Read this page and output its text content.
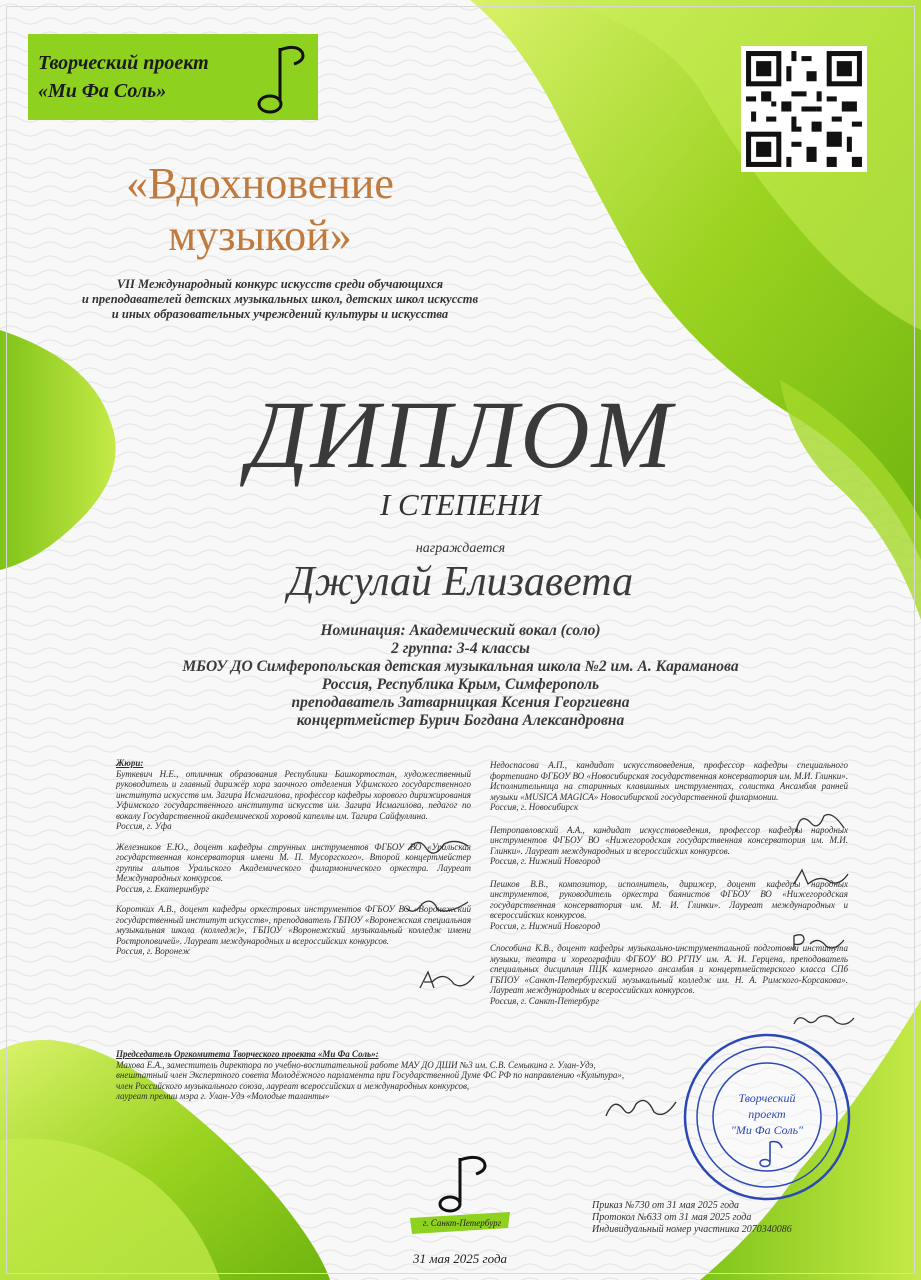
Творческий проект
«Ми Фа Соль»
«Вдохновение
музыкой»
VII Международный конкурс искусств среди обучающихся
и преподавателей детских музыкальных школ, детских школ искусств
и иных образовательных учреждений культуры и искусства
ДИПЛОМ
I СТЕПЕНИ
награждается
Джулай Елизавета
Номинация: Академический вокал (соло)
2 группа: 3-4 классы
МБОУ ДО Симферопольская детская музыкальная школа №2 им. А. Караманова
Россия, Республика Крым, Симферополь
преподаватель Затварницкая Ксения Георгиевна
концертмейстер Бурич Богдана Александровна
Жюри:

Буткевич Н.Е., отличник образования Республики Башкортостан, художественный руководитель и главный дирижёр хора заочного отделения Уфимского государственного института искусств им. Загира Исмагилова, профессор кафедры хорового дирижирования Уфимского государственного института искусств им. Загира Исмагилова, педагог по вокалу Государственной академической хоровой капеллы им. Тагира Сайфуллина.
Россия, г. Уфа

Железников Е.Ю., доцент кафедры струнных инструментов ФГБОУ ВО «Уральская государственная консерватория имени М. П. Мусоргского». Второй концертмейстер группы альтов Уральского Академического филармонического оркестра. Лауреат Международных конкурсов.
Россия, г. Екатеринбург

Коротких А.В., доцент кафедры оркестровых инструментов ФГБОУ ВО «Воронежский государственный институт искусств», преподаватель ГБПОУ «Воронежская специальная музыкальная школа (колледж)», ГБПОУ «Воронежский музыкальный колледж имени Ростроповичей». Лауреат международных и всероссийских конкурсов.
Россия, г. Воронеж

Недоспасова А.П., кандидат искусствоведения, профессор кафедры специального фортепиано ФГБОУ ВО «Новосибирская государственная консерватория им. М.И. Глинки». Исполнительница на старинных клавишных инструментах, солистка Ансамбля ранней музыки «MUSICA MAGICA» Новосибирской государственной филармонии.
Россия, г. Новосибирск

Петропавловский А.А., кандидат искусствоведения, профессор кафедры народных инструментов ФГБОУ ВО «Нижегородская государственная консерватория им. М.И. Глинки». Лауреат международных и всероссийских конкурсов.
Россия, г. Нижний Новгород

Пешков В.В., композитор, исполнитель, дирижер, доцент кафедры народных инструментов, руководитель оркестра баянистов ФГБОУ ВО «Нижегородская государственная консерватория им. М. И. Глинки». Лауреат международных и всероссийских конкурсов.
Россия, г. Нижний Новгород

Способина К.В., доцент кафедры музыкально-инструментальной подготовки института музыки, театра и хореографии ФГБОУ ВО РГПУ им. А. И. Герцена, преподаватель специальных дисциплин ПЦК камерного ансамбля и концертмейстерского класса СПб ГБПОУ «Санкт-Петербургский музыкальный колледж им. Н. А. Римского-Корсакова». Лауреат международных и всероссийских конкурсов.
Россия, г. Санкт-Петербург

Председатель Оргкомитета Творческого проекта «Ми Фа Соль»:
Махова Е.А., заместитель директора по учебно-воспитательной работе МАУ ДО ДШИ №3 им. С.В. Семыкина г. Улан-Удэ,
внештатный член Экспертного совета Молодёжного парламента при Государственной Думе ФС РФ по направлению «Культура»,
член Российского музыкального союза, лауреат всероссийских и международных конкурсов,
лауреат премии мэра г. Улан-Удэ «Молодые таланты»	Творческий
проект
"Ми Фа Соль"
г. Санкт-Петербург
31 мая 2025 года
Приказ №730 от 31 мая 2025 года
Протокол №633 от 31 мая 2025 года
Индивидуальный номер участника 2070340086
